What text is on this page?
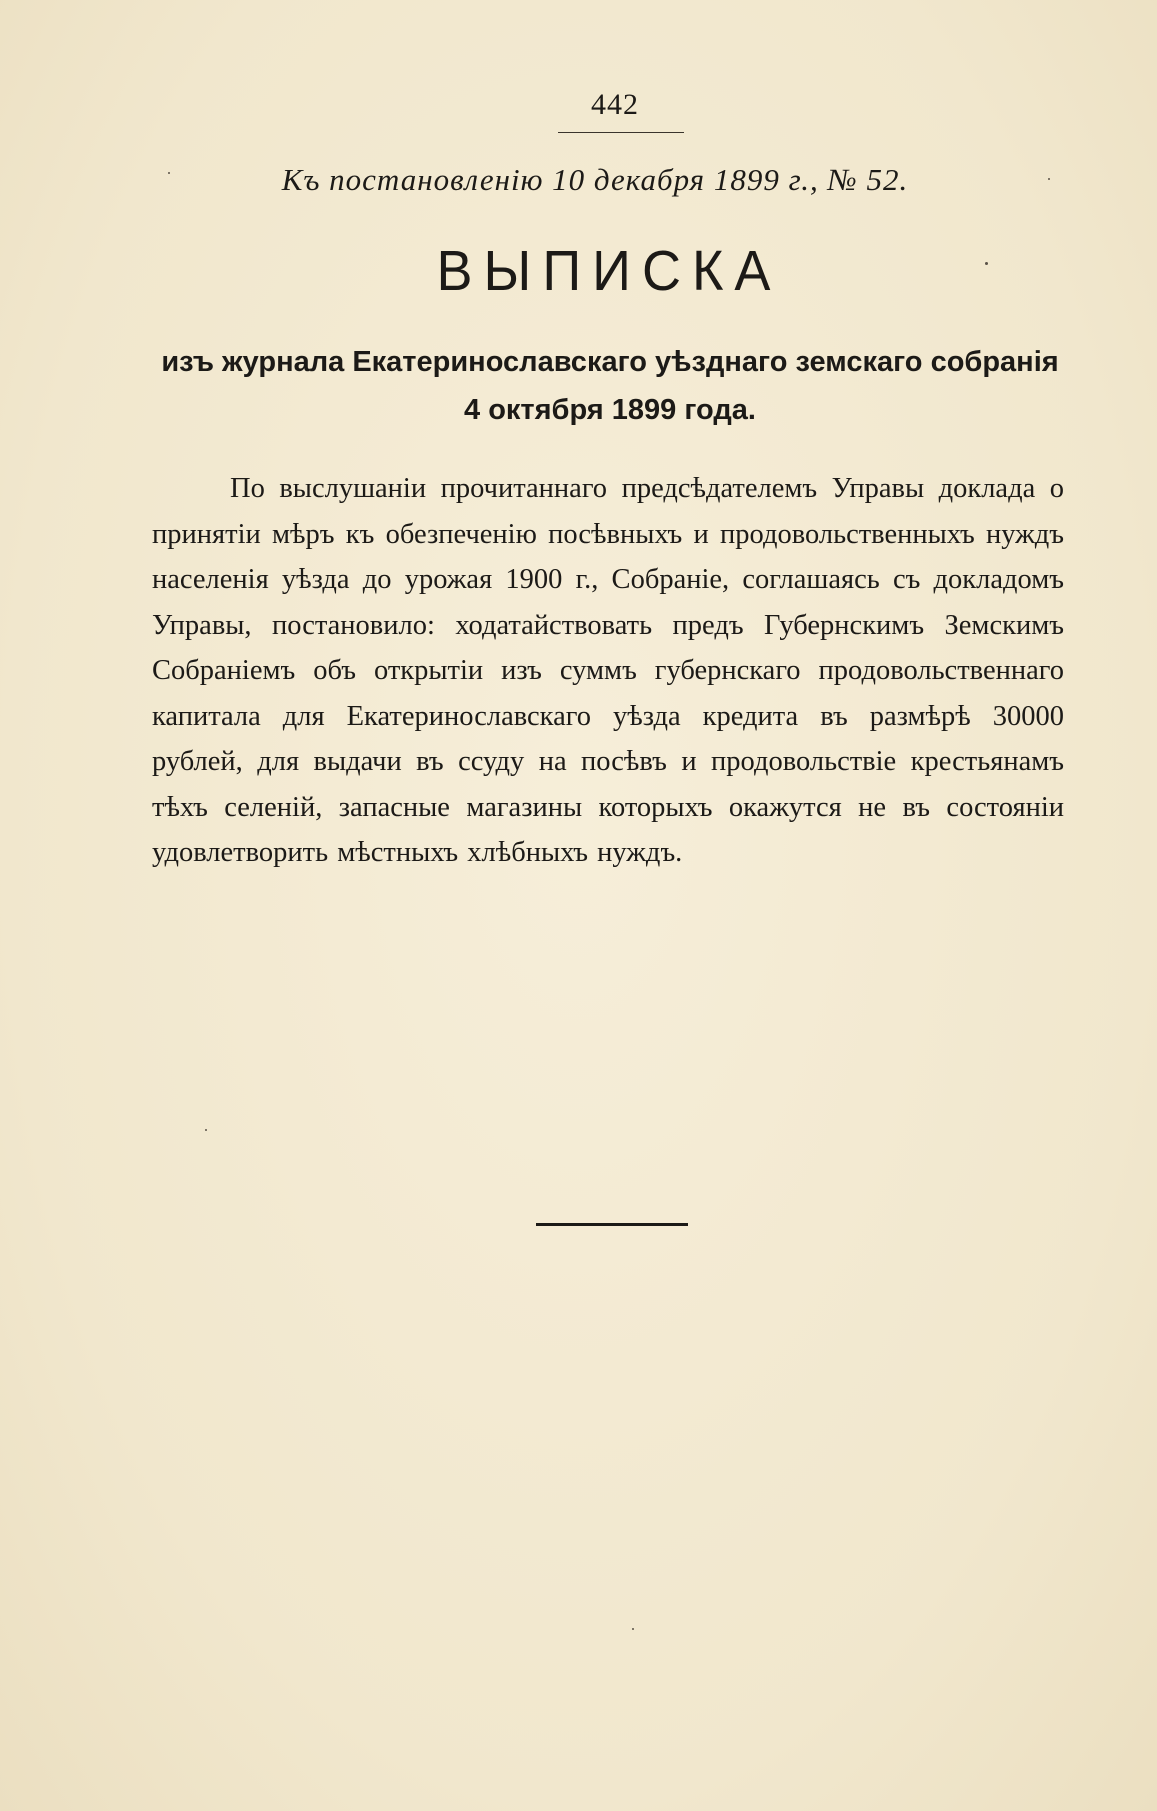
442
Къ постановленію 10 декабря 1899 г., № 52.
ВЫПИСКА
изъ журнала Екатеринославскаго уѣзднаго земскаго собранія
4 октября 1899 года.
По выслушаніи прочитаннаго предсѣдателемъ Управы доклада о принятіи мѣръ къ обезпеченію посѣвныхъ и продовольственныхъ нуждъ населенія уѣзда до урожая 1900 г., Собраніе, соглашаясь съ докладомъ Управы, постановило: ходатайствовать предъ Губернскимъ Земскимъ Собраніемъ объ открытіи изъ суммъ губернскаго продовольственнаго капитала для Екатеринославскаго уѣзда кредита въ размѣрѣ 30000 рублей, для выдачи въ ссуду на посѣвъ и продовольствіе крестьянамъ тѣхъ селеній, запасные магазины которыхъ окажутся не въ состояніи удовлетворить мѣстныхъ хлѣбныхъ нуждъ.
